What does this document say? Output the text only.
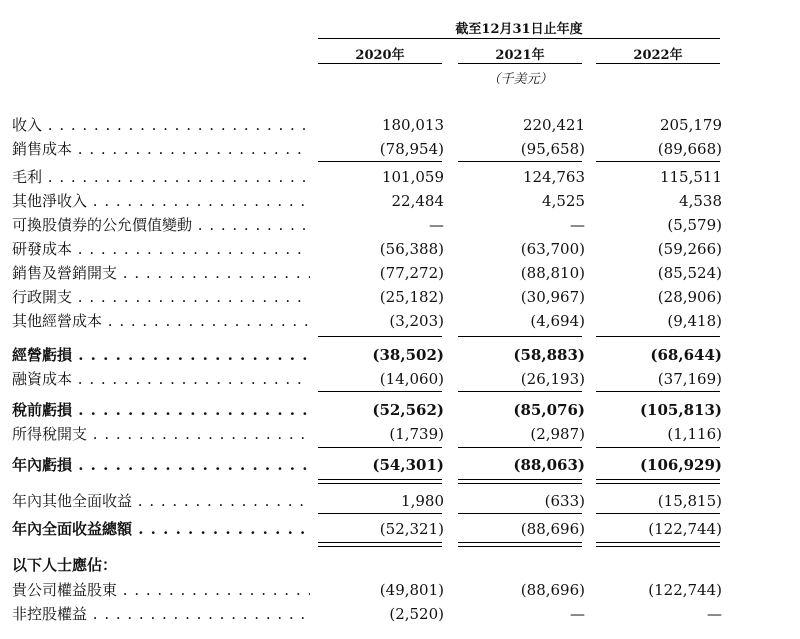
截至12月31日止年度
2020年	2021年	2022年
（千美元）
收入 . . .	180,013	220,421	205,179
銷售成本 . . .	(78,954)	(95,658)	(89,668)
毛利 . . .	101,059	124,763	115,511
其他淨收入 . . .	22,484	4,525	4,538
可換股債券的公允價值變動 . . .	—	—	(5,579)
研發成本 . . .	(56,388)	(63,700)	(59,266)
銷售及營銷開支 . . .	(77,272)	(88,810)	(85,524)
行政開支 . . .	(25,182)	(30,967)	(28,906)
其他經營成本 . . .	(3,203)	(4,694)	(9,418)
經營虧損 . . .	(38,502)	(58,883)	(68,644)
融資成本 . . .	(14,060)	(26,193)	(37,169)
稅前虧損 . . .	(52,562)	(85,076)	(105,813)
所得稅開支 . . .	(1,739)	(2,987)	(1,116)
年內虧損 . . .	(54,301)	(88,063)	(106,929)
年內其他全面收益 . . .	1,980	(633)	(15,815)
年內全面收益總額 . . .	(52,321)	(88,696)	(122,744)
以下人士應佔：
貴公司權益股東 . . .	(49,801)	(88,696)	(122,744)
非控股權益 . . .	(2,520)	—	—
